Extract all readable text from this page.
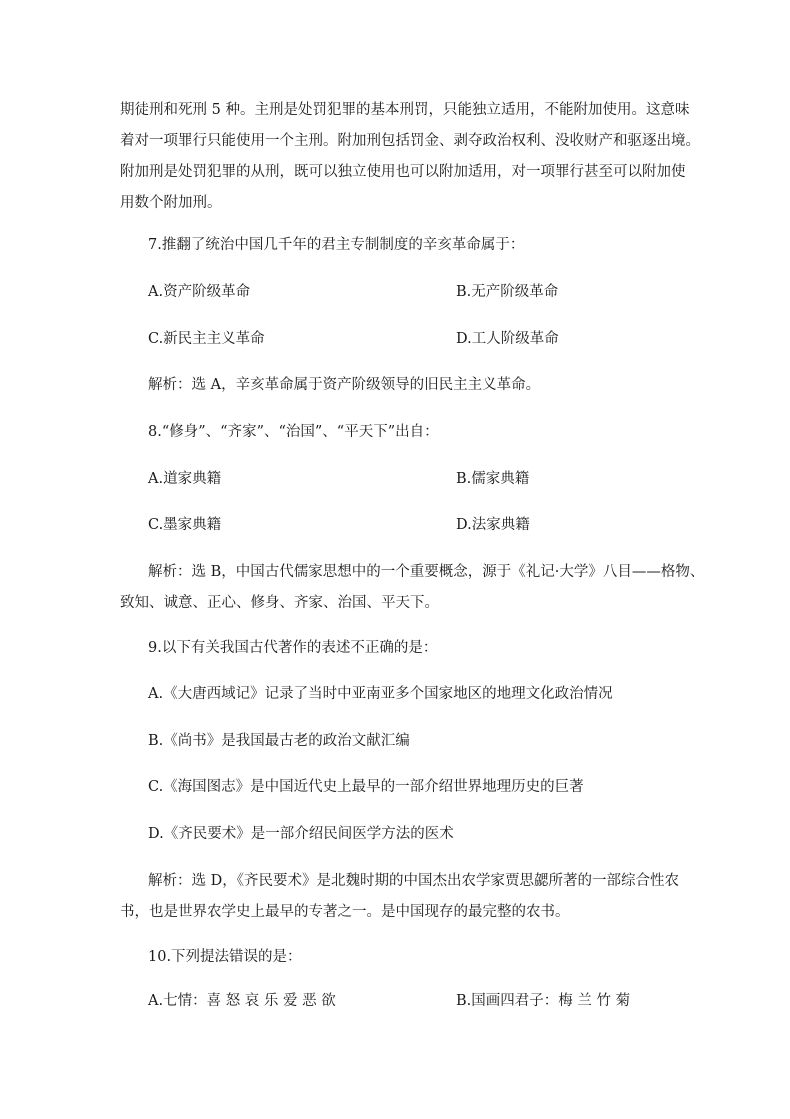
期徒刑和死刑 5 种。主刑是处罚犯罪的基本刑罚，只能独立适用，不能附加使用。这意味
着对一项罪行只能使用一个主刑。附加刑包括罚金、剥夺政治权利、没收财产和驱逐出境。
附加刑是处罚犯罪的从刑，既可以独立使用也可以附加适用，对一项罪行甚至可以附加使
用数个附加刑。
7.推翻了统治中国几千年的君主专制制度的辛亥革命属于：
A.资产阶级革命	B.无产阶级革命
C.新民主主义革命	D.工人阶级革命
解析：选 A，辛亥革命属于资产阶级领导的旧民主主义革命。
8.“修身”、“齐家”、“治国”、“平天下”出自：
A.道家典籍	B.儒家典籍
C.墨家典籍	D.法家典籍
解析：选 B，中国古代儒家思想中的一个重要概念，源于《礼记·大学》八目——格物、
致知、诚意、正心、修身、齐家、治国、平天下。
9.以下有关我国古代著作的表述不正确的是：
A.《大唐西域记》记录了当时中亚南亚多个国家地区的地理文化政治情况
B.《尚书》是我国最古老的政治文献汇编
C.《海国图志》是中国近代史上最早的一部介绍世界地理历史的巨著
D.《齐民要术》是一部介绍民间医学方法的医术
解析：选 D，《齐民要术》是北魏时期的中国杰出农学家贾思勰所著的一部综合性农
书，也是世界农学史上最早的专著之一。是中国现存的最完整的农书。
10.下列提法错误的是：
A.七情：喜 怒 哀 乐 爱 恶 欲	B.国画四君子：梅 兰 竹 菊
